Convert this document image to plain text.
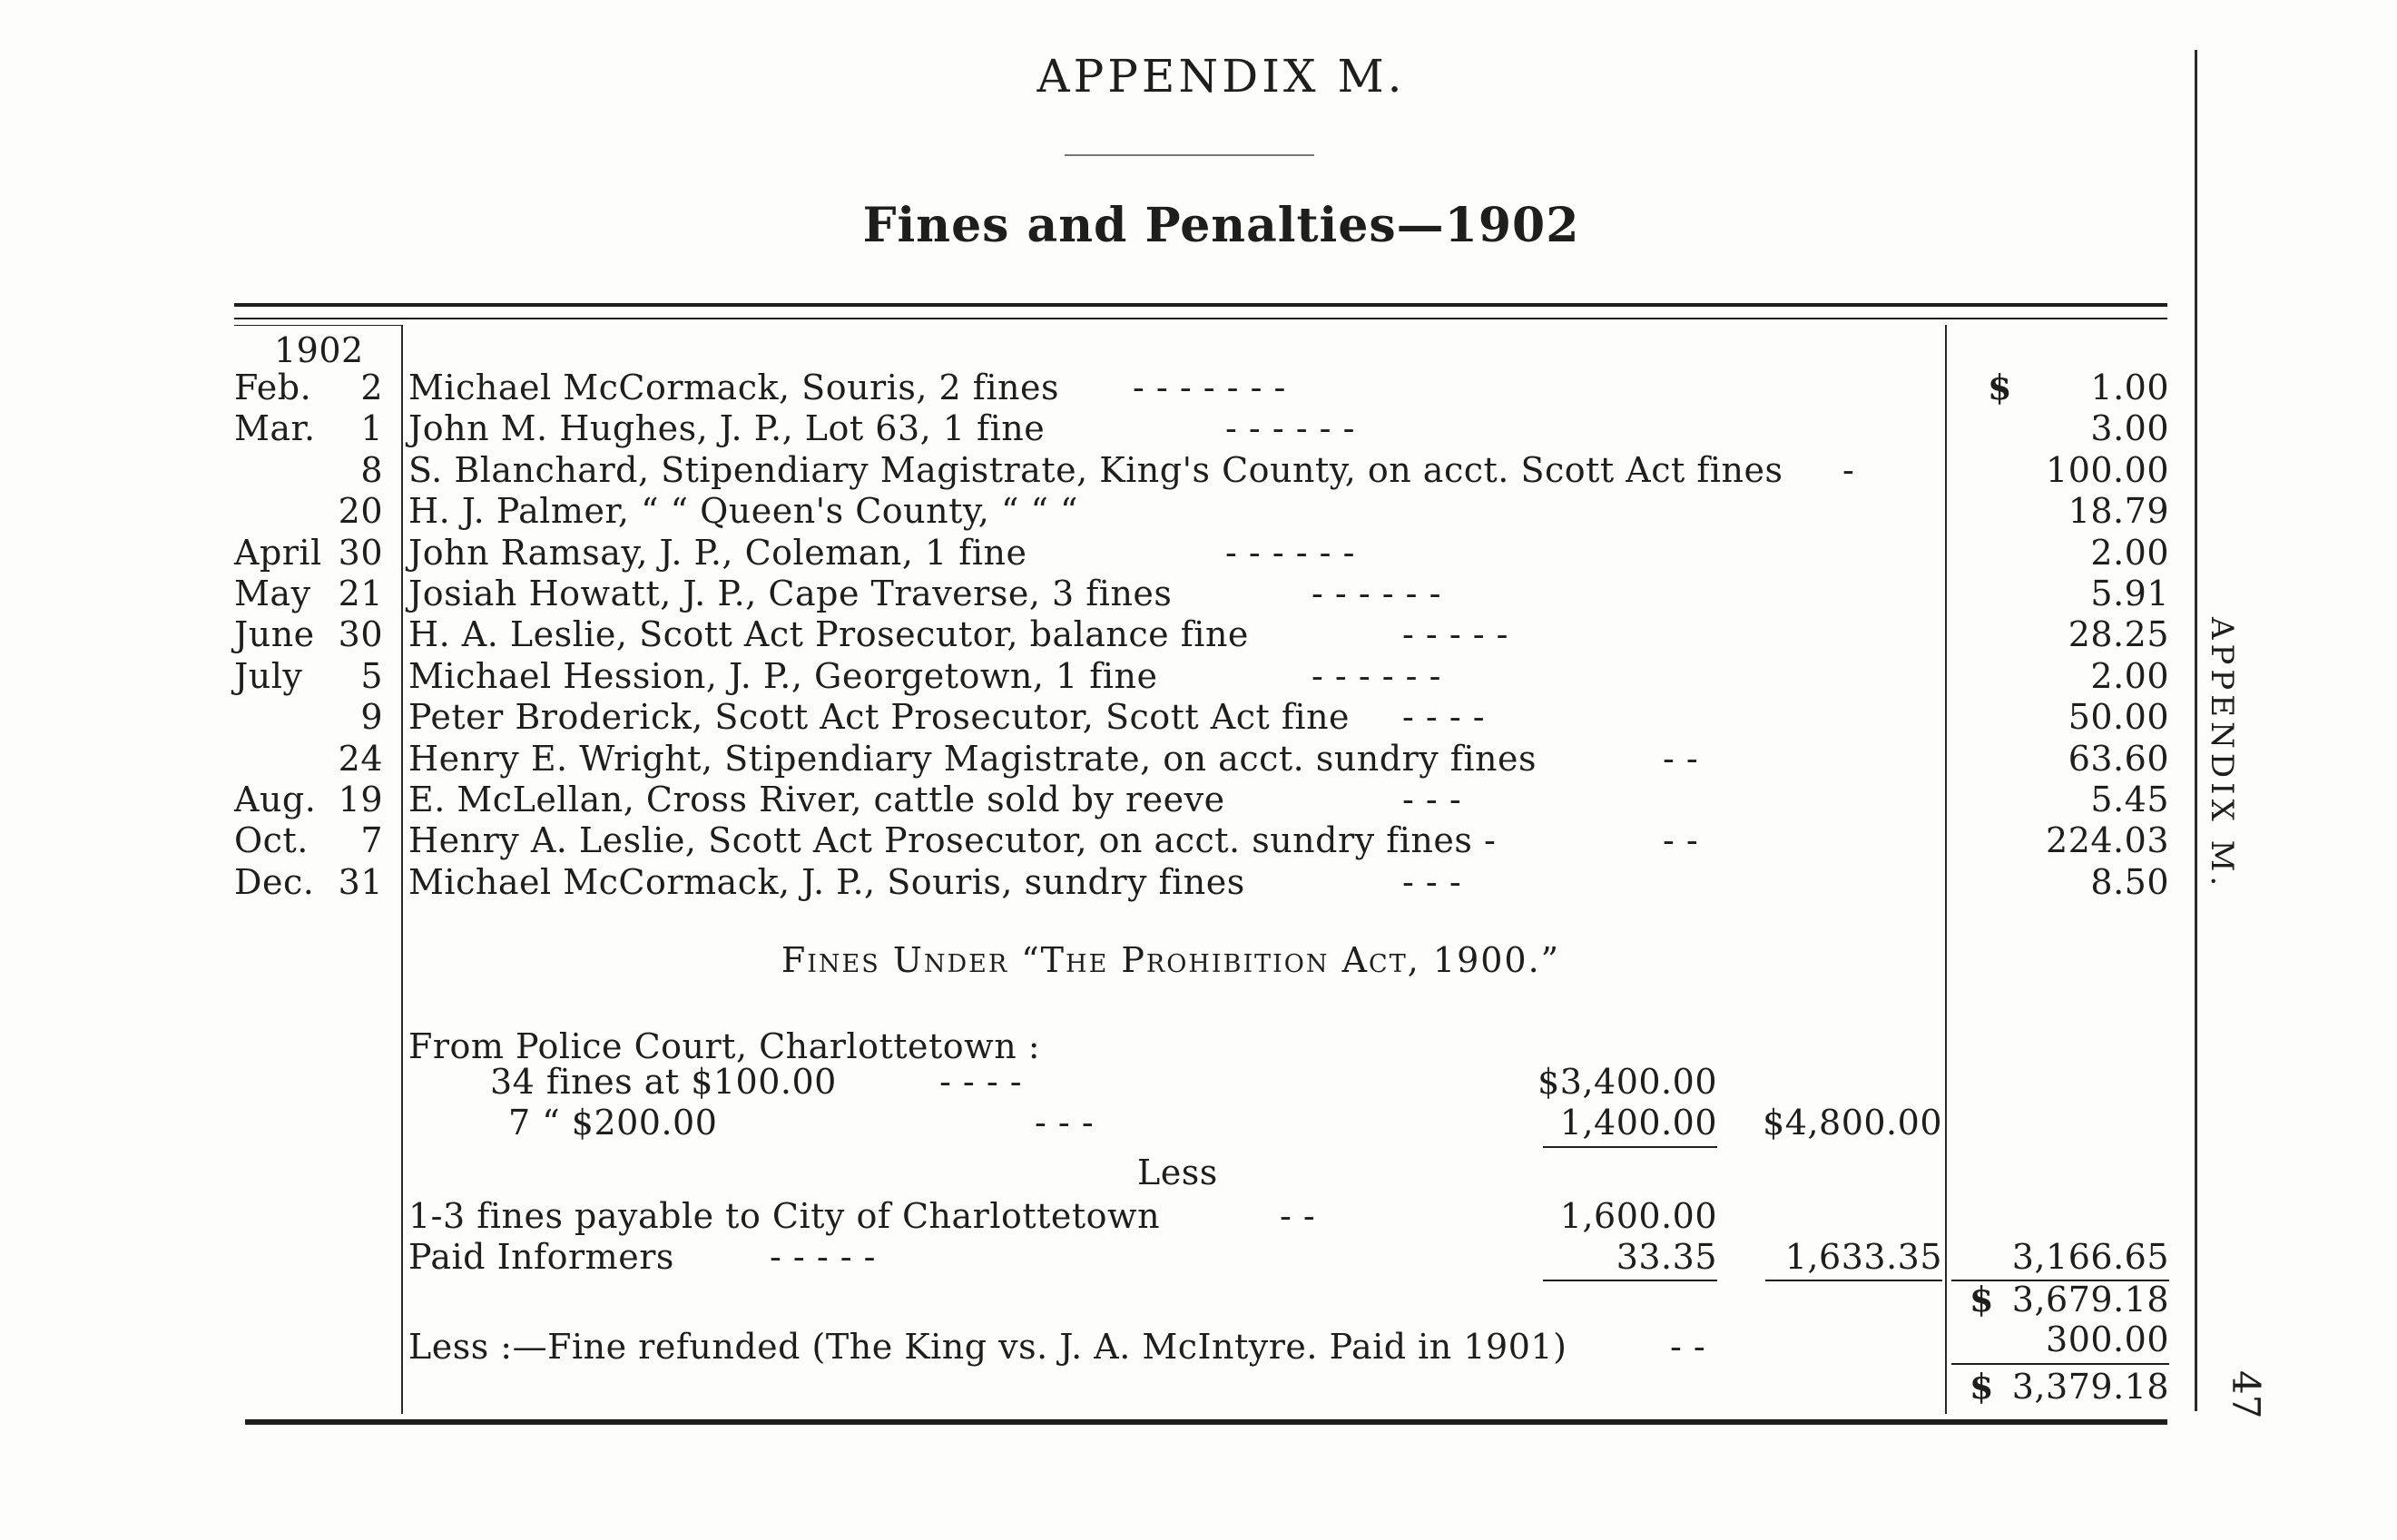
APPENDIX M.
Fines and Penalties—1902
APPENDIX M.
47
1902
Feb.	2 Michael McCormack, Souris, 2 fines - - - - - - -	$	1.00
Mar.	1 John M. Hughes, J. P., Lot 63, 1 fine	- - - - - -	3.00
8 S. Blanchard, Stipendiary Magistrate, King's County, on acct. Scott Act fines -	100.00
20 H. J. Palmer, “ “ Queen's County, “ “ “	18.79
April 30 John Ramsay, J. P., Coleman, 1 fine	- - - - - -	2.00
May 21 Josiah Howatt, J. P., Cape Traverse, 3 fines	- - - - - -	5.91
June 30 H. A. Leslie, Scott Act Prosecutor, balance fine	- - - - -	28.25
July	5 Michael Hession, J. P., Georgetown, 1 fine	- - - - - -	2.00
9 Peter Broderick, Scott Act Prosecutor, Scott Act fine - - - -	50.00
24 Henry E. Wright, Stipendiary Magistrate, on acct. sundry fines	- -	63.60
Aug. 19 E. McLellan, Cross River, cattle sold by reeve	- - -	5.45
Oct.	7 Henry A. Leslie, Scott Act Prosecutor, on acct. sundry fines -	- -	224.03
Dec. 31 Michael McCormack, J. P., Souris, sundry fines	- - -	8.50
Fines Under “The Prohibition Act, 1900.”
From Police Court, Charlottetown :
34 fines at $100.00	- - - -	$3,400.00
7 “ $200.00	- - -	1,400.00	$4,800.00
Less
1-3 fines payable to City of Charlottetown	- -	1,600.00
Paid Informers	- - - - -	33.35	1,633.35	3,166.65
$ 3,679.18
Less :—Fine refunded (The King vs. J. A. McIntyre. Paid in 1901)	- -	300.00
$ 3,379.18
